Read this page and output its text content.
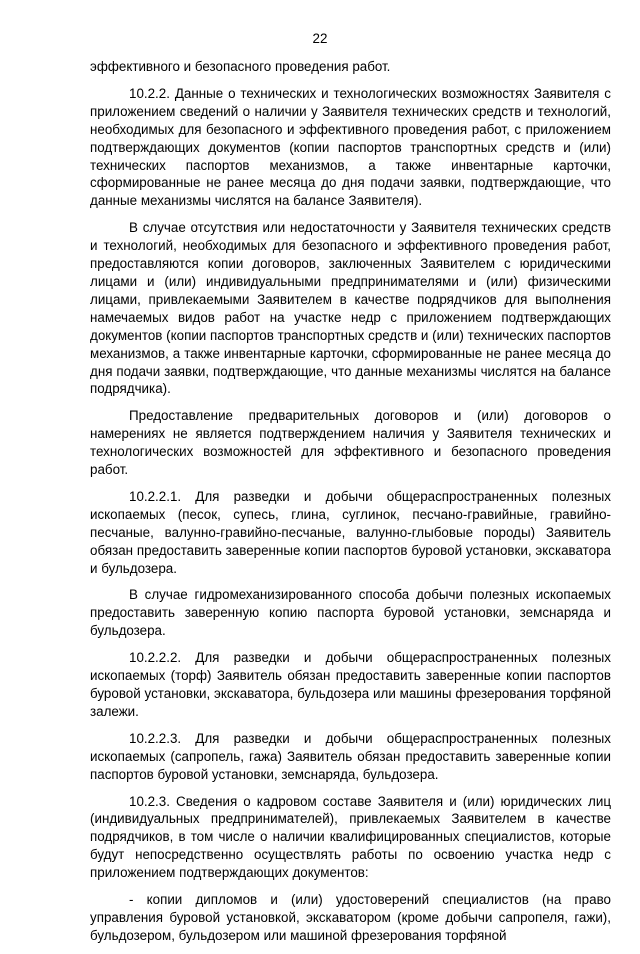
22

эффективного и безопасного проведения работ.

10.2.2. Данные о технических и технологических возможностях Заявителя с приложением сведений о наличии у Заявителя технических средств и технологий, необходимых для безопасного и эффективного проведения работ, с приложением подтверждающих документов (копии паспортов транспортных средств и (или) технических паспортов механизмов, а также инвентарные карточки, сформированные не ранее месяца до дня подачи заявки, подтверждающие, что данные механизмы числятся на балансе Заявителя).

В случае отсутствия или недостаточности у Заявителя технических средств и технологий, необходимых для безопасного и эффективного проведения работ, предоставляются копии договоров, заключенных Заявителем с юридическими лицами и (или) индивидуальными предпринимателями и (или) физическими лицами, привлекаемыми Заявителем в качестве подрядчиков для выполнения намечаемых видов работ на участке недр с приложением подтверждающих документов (копии паспортов транспортных средств и (или) технических паспортов механизмов, а также инвентарные карточки, сформированные не ранее месяца до дня подачи заявки, подтверждающие, что данные механизмы числятся на балансе подрядчика).

Предоставление предварительных договоров и (или) договоров о намерениях не является подтверждением наличия у Заявителя технических и технологических возможностей для эффективного и безопасного проведения работ.

10.2.2.1. Для разведки и добычи общераспространенных полезных ископаемых (песок, супесь, глина, суглинок, песчано-гравийные, гравийно-песчаные, валунно-гравийно-песчаные, валунно-глыбовые породы) Заявитель обязан предоставить заверенные копии паспортов буровой установки, экскаватора и бульдозера.

В случае гидромеханизированного способа добычи полезных ископаемых предоставить заверенную копию паспорта буровой установки, земснаряда и бульдозера.

10.2.2.2. Для разведки и добычи общераспространенных полезных ископаемых (торф) Заявитель обязан предоставить заверенные копии паспортов буровой установки, экскаватора, бульдозера или машины фрезерования торфяной залежи.

10.2.2.3. Для разведки и добычи общераспространенных полезных ископаемых (сапропель, гажа) Заявитель обязан предоставить заверенные копии паспортов буровой установки, земснаряда, бульдозера.

10.2.3. Сведения о кадровом составе Заявителя и (или) юридических лиц (индивидуальных предпринимателей), привлекаемых Заявителем в качестве подрядчиков, в том числе о наличии квалифицированных специалистов, которые будут непосредственно осуществлять работы по освоению участка недр с приложением подтверждающих документов:

- копии дипломов и (или) удостоверений специалистов (на право управления буровой установкой, экскаватором (кроме добычи сапропеля, гажи), бульдозером, бульдозером или машиной фрезерования торфяной
